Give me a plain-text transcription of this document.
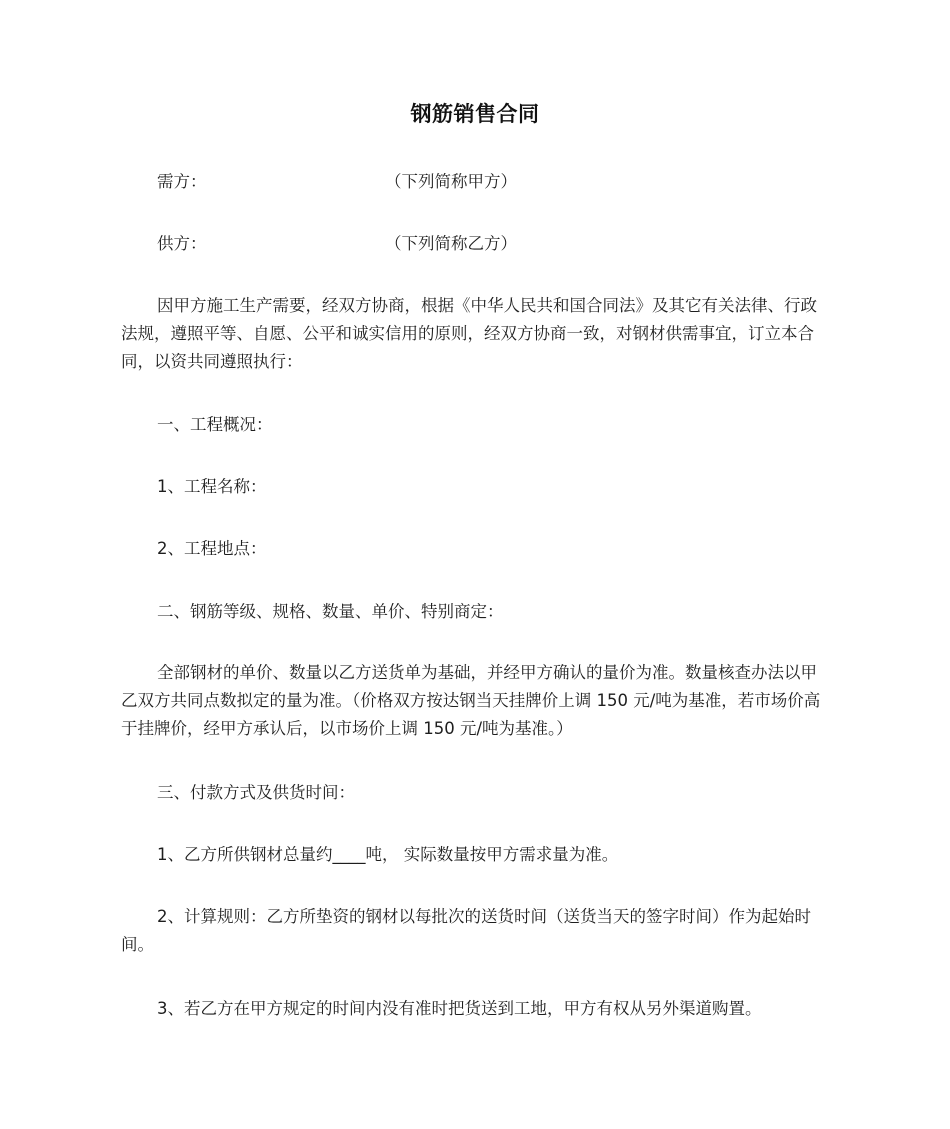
钢筋销售合同
需方：	（下列简称甲方）
供方：	（下列简称乙方）
因甲方施工生产需要，经双方协商，根据《中华人民共和国合同法》及其它有关法律、行政法规，遵照平等、自愿、公平和诚实信用的原则，经双方协商一致，对钢材供需事宜，订立本合同，以资共同遵照执行：
一、工程概况：
1、工程名称：
2、工程地点：
二、钢筋等级、规格、数量、单价、特别商定：
全部钢材的单价、数量以乙方送货单为基础，并经甲方确认的量价为准。数量核查办法以甲乙双方共同点数拟定的量为准。（价格双方按达钢当天挂牌价上调 150 元/吨为基准，若市场价高于挂牌价，经甲方承认后，以市场价上调 150 元/吨为基准。）
三、付款方式及供货时间：
1、乙方所供钢材总量约____吨， 实际数量按甲方需求量为准。
2、计算规则：乙方所垫资的钢材以每批次的送货时间（送货当天的签字时间）作为起始时间。
3、若乙方在甲方规定的时间内没有准时把货送到工地，甲方有权从另外渠道购置。
